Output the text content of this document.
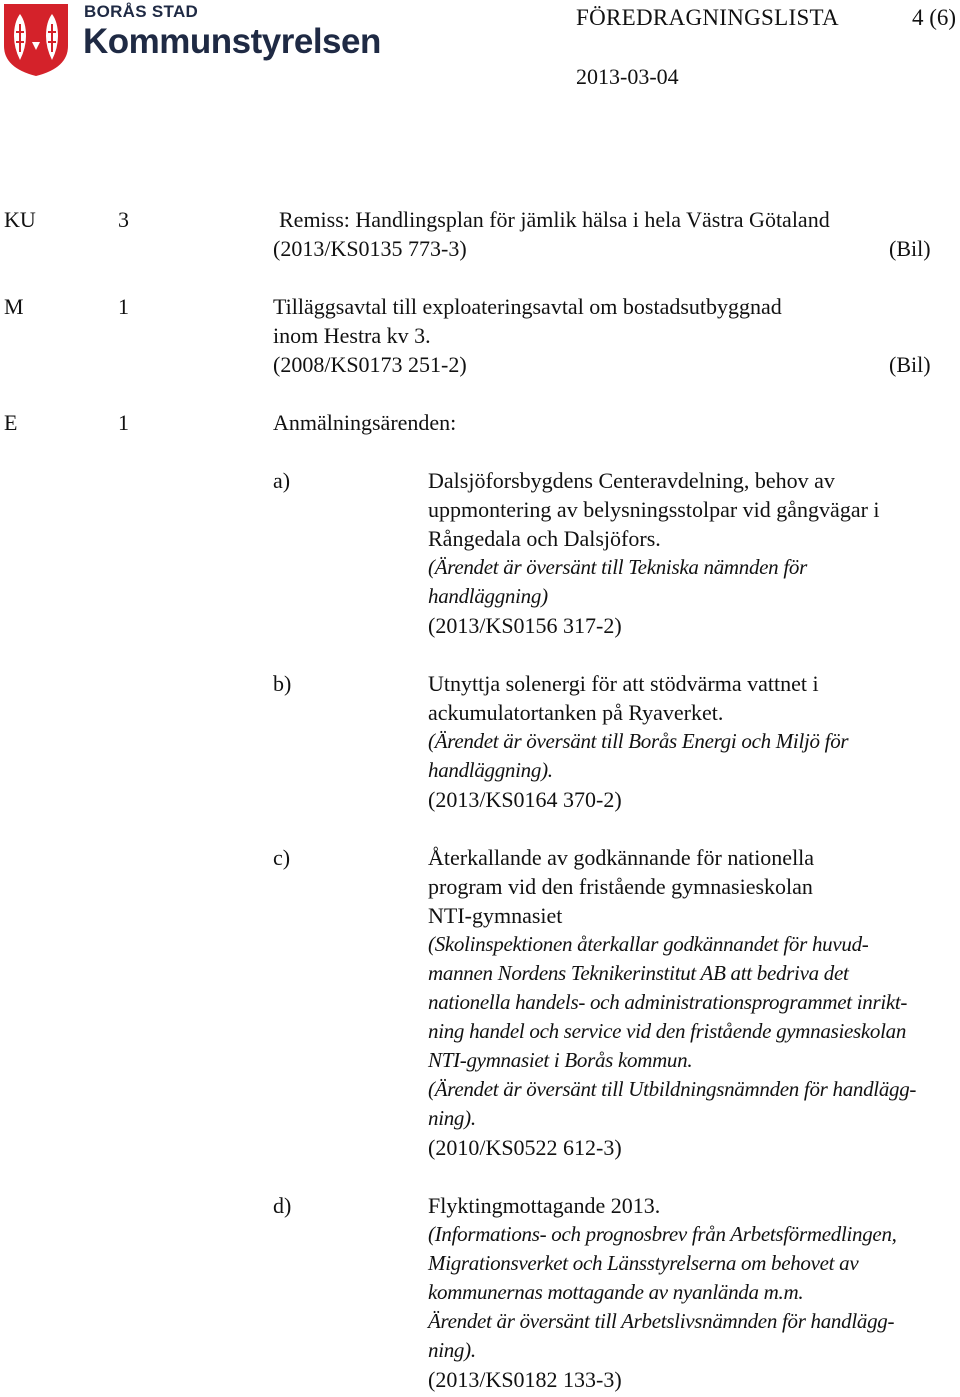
BORÅS STAD
Kommunstyrelsen
FÖREDRAGNINGSLISTA	4 (6)
2013-03-04
KU	3	Remiss: Handlingsplan för jämlik hälsa i hela Västra Götaland
(2013/KS0135 773-3)	(Bil)
M	1	Tilläggsavtal till exploateringsavtal om bostadsutbyggnad
inom Hestra kv 3.
(2008/KS0173 251-2)	(Bil)
E	1	Anmälningsärenden:
a)	Dalsjöforsbygdens Centeravdelning, behov av
uppmontering av belysningsstolpar vid gångvägar i
Rångedala och Dalsjöfors.
(Ärendet är översänt till Tekniska nämnden för
handläggning)
(2013/KS0156 317-2)
b)	Utnyttja solenergi för att stödvärma vattnet i
ackumulatortanken på Ryaverket.
(Ärendet är översänt till Borås Energi och Miljö för
handläggning).
(2013/KS0164 370-2)
c)	Återkallande av godkännande för nationella
program vid den fristående gymnasieskolan
NTI-gymnasiet
(Skolinspektionen återkallar godkännandet för huvud-
mannen Nordens Teknikerinstitut AB att bedriva det
nationella handels- och administrationsprogrammet inrikt-
ning handel och service vid den fristående gymnasieskolan
NTI-gymnasiet i Borås kommun.
(Ärendet är översänt till Utbildningsnämnden för handlägg-
ning).
(2010/KS0522 612-3)
d)	Flyktingmottagande 2013.
(Informations- och prognosbrev från Arbetsförmedlingen,
Migrationsverket och Länsstyrelserna om behovet av
kommunernas mottagande av nyanlända m.m.
Ärendet är översänt till Arbetslivsnämnden för handlägg-
ning).
(2013/KS0182 133-3)
